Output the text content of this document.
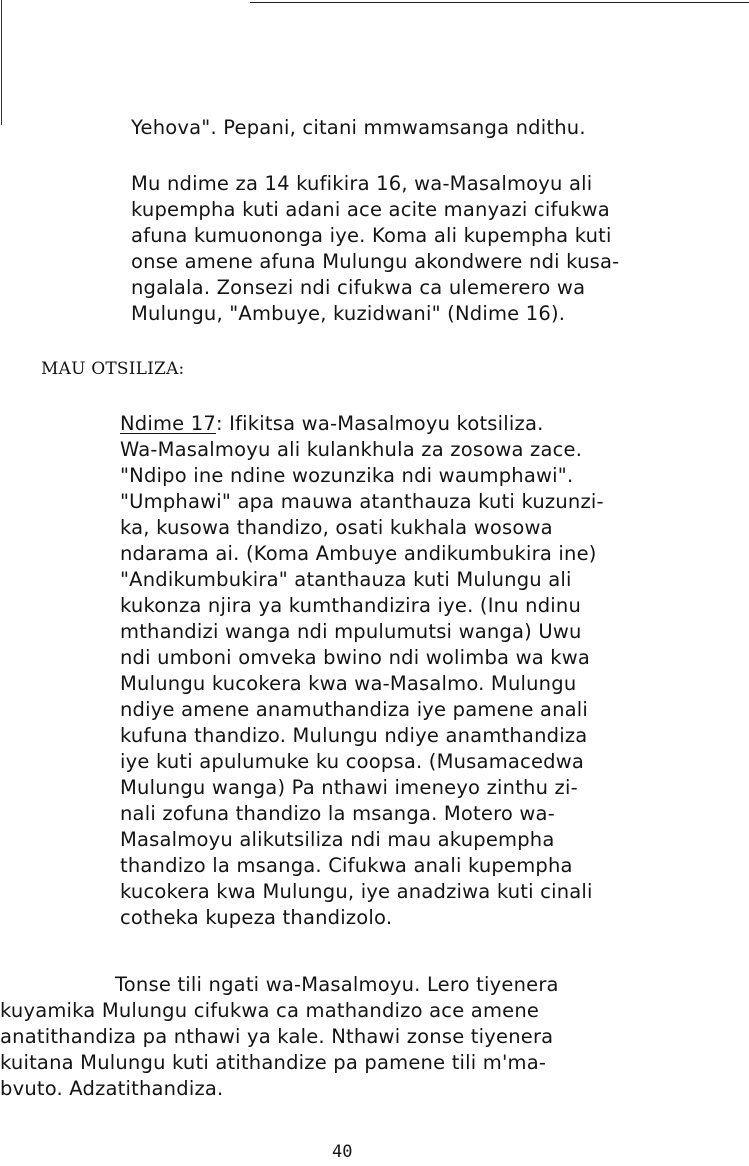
Yehova". Pepani, citani mmwamsanga ndithu.
Mu ndime za 14 kufikira 16, wa-Masalmoyu ali
kupempha kuti adani ace acite manyazi cifukwa
afuna kumuononga iye. Koma ali kupempha kuti
onse amene afuna Mulungu akondwere ndi kusa-
ngalala. Zonsezi ndi cifukwa ca ulemerero wa
Mulungu, "Ambuye, kuzidwani" (Ndime 16).
MAU OTSILIZA:
Ndime 17: Ifikitsa wa-Masalmoyu kotsiliza.
Wa-Masalmoyu ali kulankhula za zosowa zace.
"Ndipo ine ndine wozunzika ndi waumphawi".
"Umphawi" apa mauwa atanthauza kuti kuzunzi-
ka, kusowa thandizo, osati kukhala wosowa
ndarama ai. (Koma Ambuye andikumbukira ine)
"Andikumbukira" atanthauza kuti Mulungu ali
kukonza njira ya kumthandizira iye. (Inu ndinu
mthandizi wanga ndi mpulumutsi wanga) Uwu
ndi umboni omveka bwino ndi wolimba wa kwa
Mulungu kucokera kwa wa-Masalmo. Mulungu
ndiye amene anamuthandiza iye pamene anali
kufuna thandizo. Mulungu ndiye anamthandiza
iye kuti apulumuke ku coopsa. (Musamacedwa
Mulungu wanga) Pa nthawi imeneyo zinthu zi-
nali zofuna thandizo la msanga. Motero wa-
Masalmoyu alikutsiliza ndi mau akupempha
thandizo la msanga. Cifukwa anali kupempha
kucokera kwa Mulungu, iye anadziwa kuti cinali
cotheka kupeza thandizolo.
Tonse tili ngati wa-Masalmoyu. Lero tiyenera
kuyamika Mulungu cifukwa ca mathandizo ace amene
anatithandiza pa nthawi ya kale. Nthawi zonse tiyenera
kuitana Mulungu kuti atithandize pa pamene tili m'ma-
bvuto. Adzatithandiza.
40
